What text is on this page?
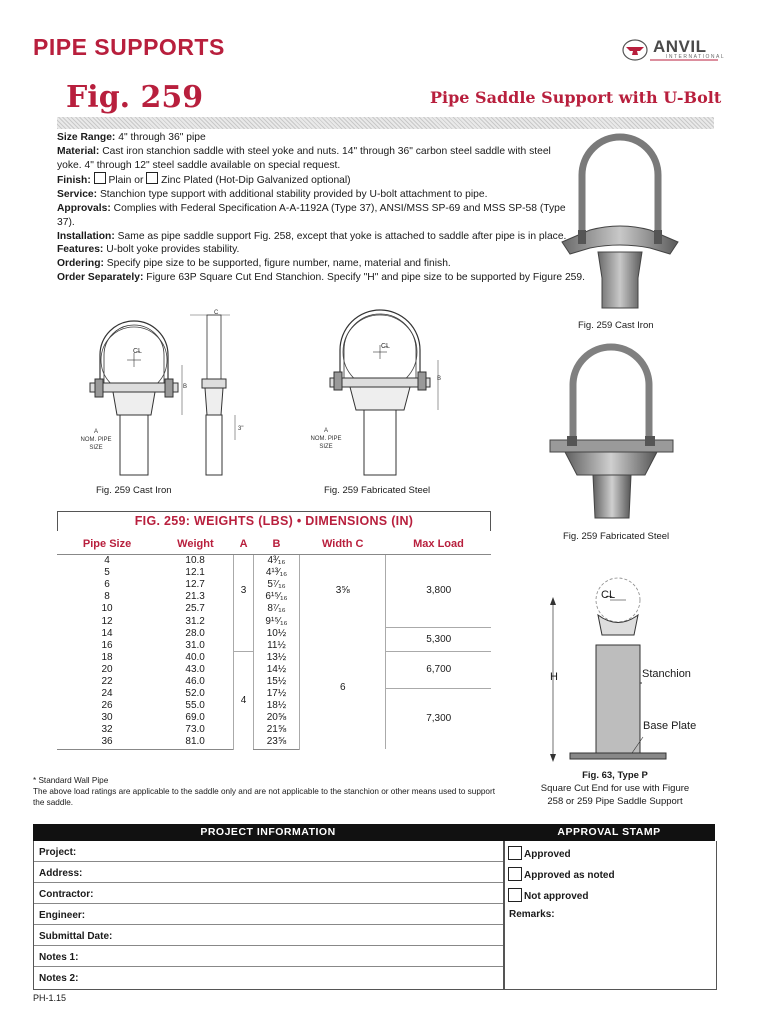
PIPE SUPPORTS	ANVIL
INTERNATIONAL
Fig. 259	Pipe Saddle Support with U-Bolt

Size Range: 4" through 36" pipe

Material: Cast iron stanchion saddle with steel yoke and nuts. 14" through 36" carbon steel saddle with steel yoke. 4" through 12" steel saddle available on special request.

Finish: Plain or Zinc Plated (Hot-Dip Galvanized optional)

Service: Stanchion type support with additional stability provided by U-bolt attachment to pipe.

Approvals: Complies with Federal Specification A-A-1192A (Type 37), ANSI/MSS SP-69 and MSS SP-58 (Type 37).

Installation: Same as pipe saddle support Fig. 258, except that yoke is attached to saddle after pipe is in place.

Features: U-bolt yoke provides stability.

Ordering: Specify pipe size to be supported, figure number, name, material and finish.

Order Separately: Figure 63P Square Cut End Stanchion. Specify "H" and pipe size to be supported by Figure 259.

Fig. 259 Cast Iron
C
B
3"
C̶L
A
NOM. PIPE
SIZE
B
C̶L
A
NOM. PIPE
SIZE
Fig. 259 Cast Iron	Fig. 259 Fabricated Steel
Fig. 259 Fabricated Steel
H	Stanchion
Base Plate
C̶L
Fig. 63, Type P
Square Cut End for use with Figure
258 or 259 Pipe Saddle Support
FIG. 259: WEIGHTS (LBS) • DIMENSIONS (IN)
Pipe Size	Weight	A	B	Width C	Max Load
4	10.8	3	4³⁄₁₆	3⅝	3,800
5	12.1		4¹³⁄₁₆		
6	12.7		5⁷⁄₁₆		
8	21.3		6¹⁵⁄₁₆		
10	25.7		8⁷⁄₁₆		
12	31.2		9¹⁵⁄₁₆		
14	28.0		10½	6	5,300
16	31.0		11½		
18	40.0	4	13½		6,700
20	43.0		14½		
22	46.0		15½		
24	52.0		17½		7,300
26	55.0		18½		
30	69.0		20⅝		
32	73.0		21⅝		
36	81.0		23⅝		
* Standard Wall Pipe
The above load ratings are applicable to the saddle only and are not applicable to the stanchion or other means used to support the saddle.
PROJECT INFORMATION	APPROVAL STAMP
Project:
Address:
Contractor:
Engineer:
Submittal Date:
Notes 1:
Notes 2:
Approved
Approved as noted
Not approved
Remarks:
PH-1.15
